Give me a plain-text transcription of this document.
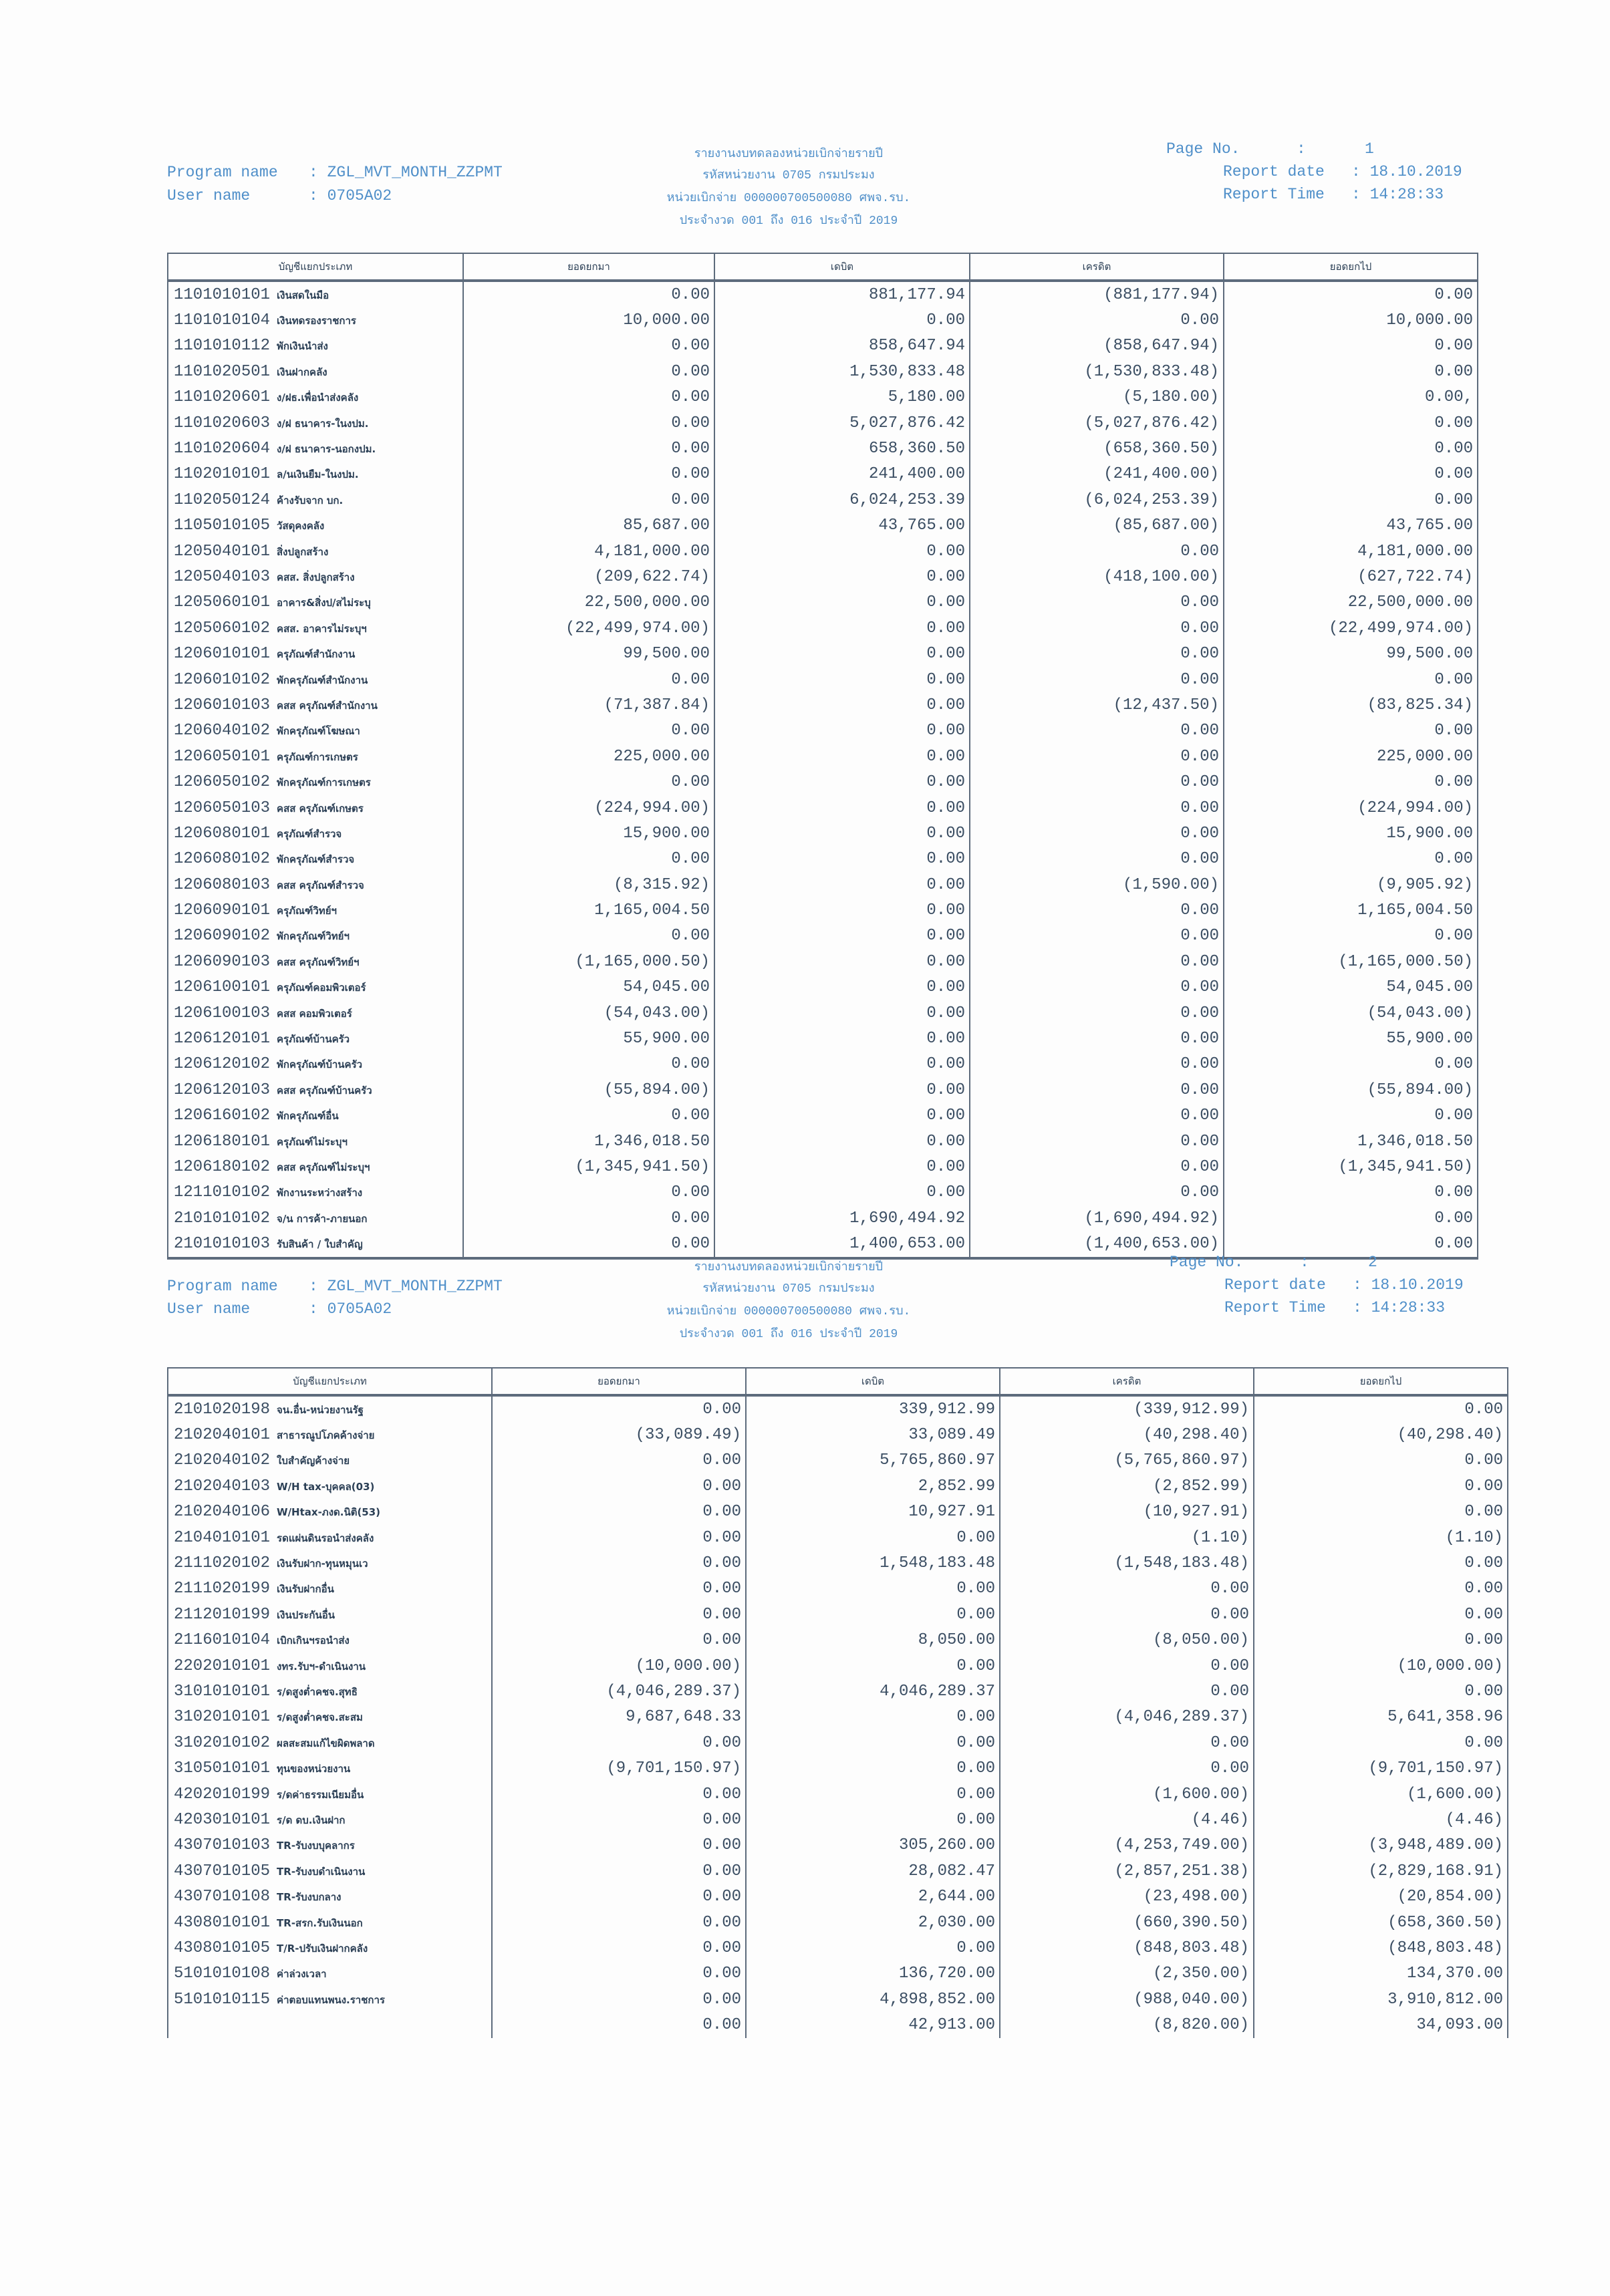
Program name : ZGL_MVT_MONTH_ZZPMT
User name	: 0705A02
รายงานงบทดลองหน่วยเบิกจ่ายรายปี
รหัสหน่วยงาน 0705 กรมประมง
หน่วยเบิกจ่าย 000000700500080 ศพจ.รบ.
ประจำงวด 001 ถึง 016 ประจำปี 2019
Page No.	:	1
Report date : 18.10.2019
Report Time : 14:28:33
บัญชีแยกประเภท	ยอดยกมา	เดบิต	เครดิต	ยอดยกไป
1101010101 เงินสดในมือ	0.00	881,177.94	(881,177.94)	0.00
1101010104 เงินทดรองราชการ	10,000.00	0.00	0.00	10,000.00
1101010112 พักเงินนำส่ง	0.00	858,647.94	(858,647.94)	0.00
1101020501 เงินฝากคลัง	0.00	1,530,833.48	(1,530,833.48)	0.00
1101020601 ง/ฝธ.เพื่อนำส่งคลัง	0.00	5,180.00	(5,180.00)	0.00,
1101020603 ง/ฝ ธนาคาร-ในงปม.	0.00	5,027,876.42	(5,027,876.42)	0.00
1101020604 ง/ฝ ธนาคาร-นอกงปม.	0.00	658,360.50	(658,360.50)	0.00
1102010101 ล/นเงินยืม-ในงปม.	0.00	241,400.00	(241,400.00)	0.00
1102050124 ค้างรับจาก บก.	0.00	6,024,253.39	(6,024,253.39)	0.00
1105010105 วัสดุคงคลัง	85,687.00	43,765.00	(85,687.00)	43,765.00
1205040101 สิ่งปลูกสร้าง	4,181,000.00	0.00	0.00	4,181,000.00
1205040103 คสส. สิ่งปลูกสร้าง	(209,622.74)	0.00	(418,100.00)	(627,722.74)
1205060101 อาคาร&สิ่งป/สไม่ระบุ	22,500,000.00	0.00	0.00	22,500,000.00
1205060102 คสส. อาคารไม่ระบุฯ	(22,499,974.00)	0.00	0.00	(22,499,974.00)
1206010101 ครุภัณฑ์สำนักงาน	99,500.00	0.00	0.00	99,500.00
1206010102 พักครุภัณฑ์สำนักงาน	0.00	0.00	0.00	0.00
1206010103 คสส ครุภัณฑ์สำนักงาน	(71,387.84)	0.00	(12,437.50)	(83,825.34)
1206040102 พักครุภัณฑ์โฆษณา	0.00	0.00	0.00	0.00
1206050101 ครุภัณฑ์การเกษตร	225,000.00	0.00	0.00	225,000.00
1206050102 พักครุภัณฑ์การเกษตร	0.00	0.00	0.00	0.00
1206050103 คสส ครุภัณฑ์เกษตร	(224,994.00)	0.00	0.00	(224,994.00)
1206080101 ครุภัณฑ์สำรวจ	15,900.00	0.00	0.00	15,900.00
1206080102 พักครุภัณฑ์สำรวจ	0.00	0.00	0.00	0.00
1206080103 คสส ครุภัณฑ์สำรวจ	(8,315.92)	0.00	(1,590.00)	(9,905.92)
1206090101 ครุภัณฑ์วิทย์ฯ	1,165,004.50	0.00	0.00	1,165,004.50
1206090102 พักครุภัณฑ์วิทย์ฯ	0.00	0.00	0.00	0.00
1206090103 คสส ครุภัณฑ์วิทย์ฯ	(1,165,000.50)	0.00	0.00	(1,165,000.50)
1206100101 ครุภัณฑ์คอมพิวเตอร์	54,045.00	0.00	0.00	54,045.00
1206100103 คสส คอมพิวเตอร์	(54,043.00)	0.00	0.00	(54,043.00)
1206120101 ครุภัณฑ์บ้านครัว	55,900.00	0.00	0.00	55,900.00
1206120102 พักครุภัณฑ์บ้านครัว	0.00	0.00	0.00	0.00
1206120103 คสส ครุภัณฑ์บ้านครัว	(55,894.00)	0.00	0.00	(55,894.00)
1206160102 พักครุภัณฑ์อื่น	0.00	0.00	0.00	0.00
1206180101 ครุภัณฑ์ไม่ระบุฯ	1,346,018.50	0.00	0.00	1,346,018.50
1206180102 คสส ครุภัณฑ์ไม่ระบุฯ	(1,345,941.50)	0.00	0.00	(1,345,941.50)
1211010102 พักงานระหว่างสร้าง	0.00	0.00	0.00	0.00
2101010102 จ/น การค้า-ภายนอก	0.00	1,690,494.92	(1,690,494.92)	0.00
2101010103 รับสินค้า / ใบสำคัญ	0.00	1,400,653.00	(1,400,653.00)	0.00
Program name : ZGL_MVT_MONTH_ZZPMT
User name	: 0705A02
รายงานงบทดลองหน่วยเบิกจ่ายรายปี
รหัสหน่วยงาน 0705 กรมประมง
หน่วยเบิกจ่าย 000000700500080 ศพจ.รบ.
ประจำงวด 001 ถึง 016 ประจำปี 2019
Page No.	:	2
Report date : 18.10.2019
Report Time : 14:28:33
บัญชีแยกประเภท	ยอดยกมา	เดบิต	เครดิต	ยอดยกไป
2101020198 จน.อื่น-หน่วยงานรัฐ	0.00	339,912.99	(339,912.99)	0.00
2102040101 สาธารณูปโภคค้างจ่าย	(33,089.49)	33,089.49	(40,298.40)	(40,298.40)
2102040102 ใบสำคัญค้างจ่าย	0.00	5,765,860.97	(5,765,860.97)	0.00
2102040103 W/H tax-บุคคล(03)	0.00	2,852.99	(2,852.99)	0.00
2102040106 W/Htax-ภงด.นิติ(53)	0.00	10,927.91	(10,927.91)	0.00
2104010101 รดแผ่นดินรอนำส่งคลัง	0.00	0.00	(1.10)	(1.10)
2111020102 เงินรับฝาก-ทุนหมุนเว	0.00	1,548,183.48	(1,548,183.48)	0.00
2111020199 เงินรับฝากอื่น	0.00	0.00	0.00	0.00
2112010199 เงินประกันอื่น	0.00	0.00	0.00	0.00
2116010104 เบิกเกินฯรอนำส่ง	0.00	8,050.00	(8,050.00)	0.00
2202010101 งทร.รับฯ-ดำเนินงาน	(10,000.00)	0.00	0.00	(10,000.00)
3101010101 ร/ดสูงต่ำคชจ.สุทธิ	(4,046,289.37)	4,046,289.37	0.00	0.00
3102010101 ร/ดสูงต่ำคชจ.สะสม	9,687,648.33	0.00	(4,046,289.37)	5,641,358.96
3102010102 ผลสะสมแก้ไขผิดพลาด	0.00	0.00	0.00	0.00
3105010101 ทุนของหน่วยงาน	(9,701,150.97)	0.00	0.00	(9,701,150.97)
4202010199 ร/ดค่าธรรมเนียมอื่น	0.00	0.00	(1,600.00)	(1,600.00)
4203010101 ร/ด ดบ.เงินฝาก	0.00	0.00	(4.46)	(4.46)
4307010103 TR-รับงบบุคลากร	0.00	305,260.00	(4,253,749.00)	(3,948,489.00)
4307010105 TR-รับงบดำเนินงาน	0.00	28,082.47	(2,857,251.38)	(2,829,168.91)
4307010108 TR-รับงบกลาง	0.00	2,644.00	(23,498.00)	(20,854.00)
4308010101 TR-สรก.รับเงินนอก	0.00	2,030.00	(660,390.50)	(658,360.50)
4308010105 T/R-ปรับเงินฝากคลัง	0.00	0.00	(848,803.48)	(848,803.48)
5101010108 ค่าล่วงเวลา	0.00	136,720.00	(2,350.00)	134,370.00
5101010115 ค่าตอบแทนพนง.ราชการ	0.00	4,898,852.00	(988,040.00)	3,910,812.00
	0.00	42,913.00	(8,820.00)	34,093.00
